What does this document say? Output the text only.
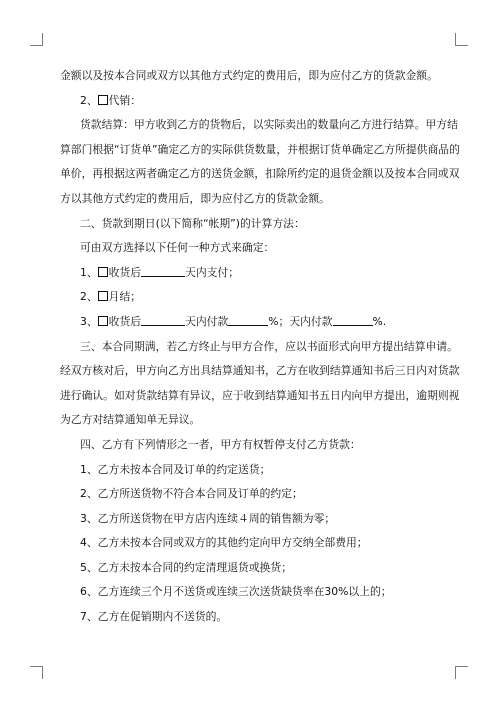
金额以及按本合同或双方以其他方式约定的费用后，即为应付乙方的货款金额。

2、 代销：

货款结算：甲方收到乙方的货物后，以实际卖出的数量向乙方进行结算。甲方结

算部门根据“订货单”确定乙方的实际供货数量，并根据订货单确定乙方所提供商品的

单价，再根据这两者确定乙方的送货金额，扣除所约定的退货金额以及按本合同或双

方以其他方式约定的费用后，即为应付乙方的货款金额。

二、货款到期日(以下简称“帐期”)的计算方法：

可由双方选择以下任何一种方式来确定：

1、 收货后	天内支付；

2、 月结；

3、 收货后	天内付款	%；天内付款	%.

三、本合同期满，若乙方终止与甲方合作，应以书面形式向甲方提出结算申请。

经双方核对后，甲方向乙方出具结算通知书，乙方在收到结算通知书后三日内对货款

进行确认。如对货款结算有异议，应于收到结算通知书五日内向甲方提出，逾期则视

为乙方对结算通知单无异议。

四、乙方有下列情形之一者，甲方有权暂停支付乙方货款：

1、乙方未按本合同及订单的约定送货；

2、乙方所送货物不符合本合同及订单的约定；

3、乙方所送货物在甲方店内连续４周的销售额为零；

4、乙方未按本合同或双方的其他约定向甲方交纳全部费用；

5、乙方未按本合同的约定清理退货或换货；

6、乙方连续三个月不送货或连续三次送货缺货率在30%以上的；

7、乙方在促销期内不送货的。
